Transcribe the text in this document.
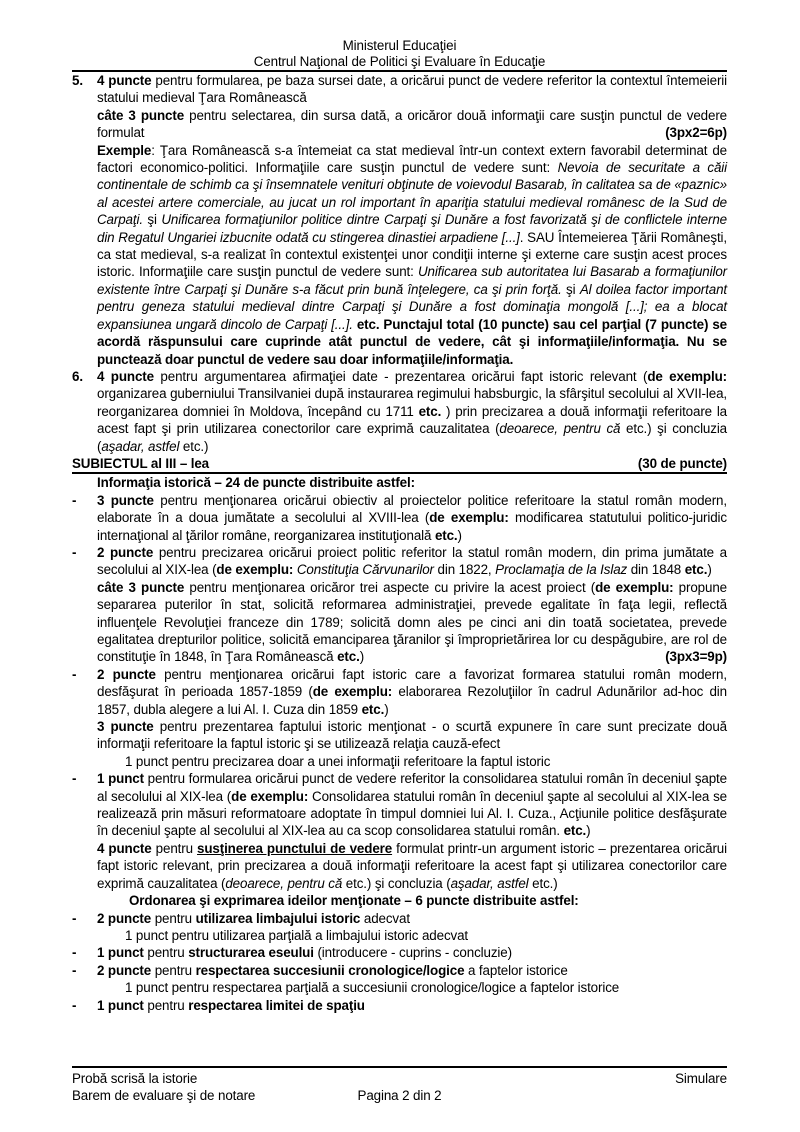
Ministerul Educaţiei
Centrul Naţional de Politici şi Evaluare în Educaţie
5.	4 puncte pentru formularea, pe baza sursei date, a oricărui punct de vedere referitor la contextul întemeierii statului medieval Ţara Românească

câte 3 puncte pentru selectarea, din sursa dată, a oricăror două informaţii care susţin punctul de vedere formulat	(3px2=6p)

Exemple: Ţara Românească s-a întemeiat ca stat medieval într-un context extern favorabil determinat de factori economico-politici. Informaţiile care susţin punctul de vedere sunt: Nevoia de securitate a căii continentale de schimb ca şi însemnatele venituri obţinute de voievodul Basarab, în calitatea sa de «paznic» al acestei artere comerciale, au jucat un rol important în apariţia statului medieval românesc de la Sud de Carpaţi. şi Unificarea formaţiunilor politice dintre Carpaţi şi Dunăre a fost favorizată şi de conflictele interne din Regatul Ungariei izbucnite odată cu stingerea dinastiei arpadiene [...]. SAU Întemeierea Ţării Româneşti, ca stat medieval, s-a realizat în contextul existenţei unor condiţii interne şi externe care susţin acest proces istoric. Informaţiile care susţin punctul de vedere sunt: Unificarea sub autoritatea lui Basarab a formaţiunilor existente între Carpaţi şi Dunăre s-a făcut prin bună înţelegere, ca şi prin forţă. şi Al doilea factor important pentru geneza statului medieval dintre Carpaţi şi Dunăre a fost dominaţia mongolă [...]; ea a blocat expansiunea ungară dincolo de Carpaţi [...]. etc. Punctajul total (10 puncte) sau cel parţial (7 puncte) se acordă răspunsului care cuprinde atât punctul de vedere, cât şi informaţiile/informaţia. Nu se punctează doar punctul de vedere sau doar informaţiile/informaţia.

6.	4 puncte pentru argumentarea afirmaţiei date - prezentarea oricărui fapt istoric relevant (de exemplu: organizarea guberniului Transilvaniei după instaurarea regimului habsburgic, la sfârşitul secolului al XVII-lea, reorganizarea domniei în Moldova, începând cu 1711 etc. ) prin precizarea a două informaţii referitoare la acest fapt şi prin utilizarea conectorilor care exprimă cauzalitatea (deoarece, pentru că etc.) şi concluzia (aşadar, astfel etc.)

SUBIECTUL al III – lea	(30 de puncte)

Informaţia istorică – 24 de puncte distribuite astfel:

-	3 puncte pentru menţionarea oricărui obiectiv al proiectelor politice referitoare la statul român modern, elaborate în a doua jumătate a secolului al XVIII-lea (de exemplu: modificarea statutului politico-juridic internaţional al ţărilor române, reorganizarea instituţională etc.)

-	2 puncte pentru precizarea oricărui proiect politic referitor la statul român modern, din prima jumătate a secolului al XIX-lea (de exemplu: Constituţia Cărvunarilor din 1822, Proclamaţia de la Islaz din 1848 etc.)

câte 3 puncte pentru menţionarea oricăror trei aspecte cu privire la acest proiect (de exemplu: propune separarea puterilor în stat, solicită reformarea administraţiei, prevede egalitate în faţa legii, reflectă influenţele Revoluţiei franceze din 1789; solicită domn ales pe cinci ani din toată societatea, prevede egalitatea drepturilor politice, solicită emanciparea ţăranilor şi împroprietărirea lor cu despăgubire, are rol de constituţie în 1848, în Ţara Românească etc.)	(3px3=9p)

-	2 puncte pentru menţionarea oricărui fapt istoric care a favorizat formarea statului român modern, desfăşurat în perioada 1857-1859 (de exemplu: elaborarea Rezoluţiilor în cadrul Adunărilor ad-hoc din 1857, dubla alegere a lui Al. I. Cuza din 1859 etc.)

3 puncte pentru prezentarea faptului istoric menţionat - o scurtă expunere în care sunt precizate două informaţii referitoare la faptul istoric şi se utilizează relaţia cauză-efect

1 punct pentru precizarea doar a unei informaţii referitoare la faptul istoric

-	1 punct pentru formularea oricărui punct de vedere referitor la consolidarea statului român în deceniul şapte al secolului al XIX-lea (de exemplu: Consolidarea statului român în deceniul şapte al secolului al XIX-lea se realizează prin măsuri reformatoare adoptate în timpul domniei lui Al. I. Cuza., Acţiunile politice desfăşurate în deceniul şapte al secolului al XIX-lea au ca scop consolidarea statului român. etc.)

4 puncte pentru susţinerea punctului de vedere formulat printr-un argument istoric – prezentarea oricărui fapt istoric relevant, prin precizarea a două informaţii referitoare la acest fapt şi utilizarea conectorilor care exprimă cauzalitatea (deoarece, pentru că etc.) şi concluzia (aşadar, astfel etc.)

Ordonarea şi exprimarea ideilor menţionate – 6 puncte distribuite astfel:

-	2 puncte pentru utilizarea limbajului istoric adecvat

1 punct pentru utilizarea parţială a limbajului istoric adecvat

-	1 punct pentru structurarea eseului (introducere - cuprins - concluzie)

-	2 puncte pentru respectarea succesiunii cronologice/logice a faptelor istorice

1 punct pentru respectarea parţială a succesiunii cronologice/logice a faptelor istorice

-	1 punct pentru respectarea limitei de spaţiu

Probă scrisă la istorie	Simulare
Barem de evaluare şi de notare	Pagina 2 din 2
